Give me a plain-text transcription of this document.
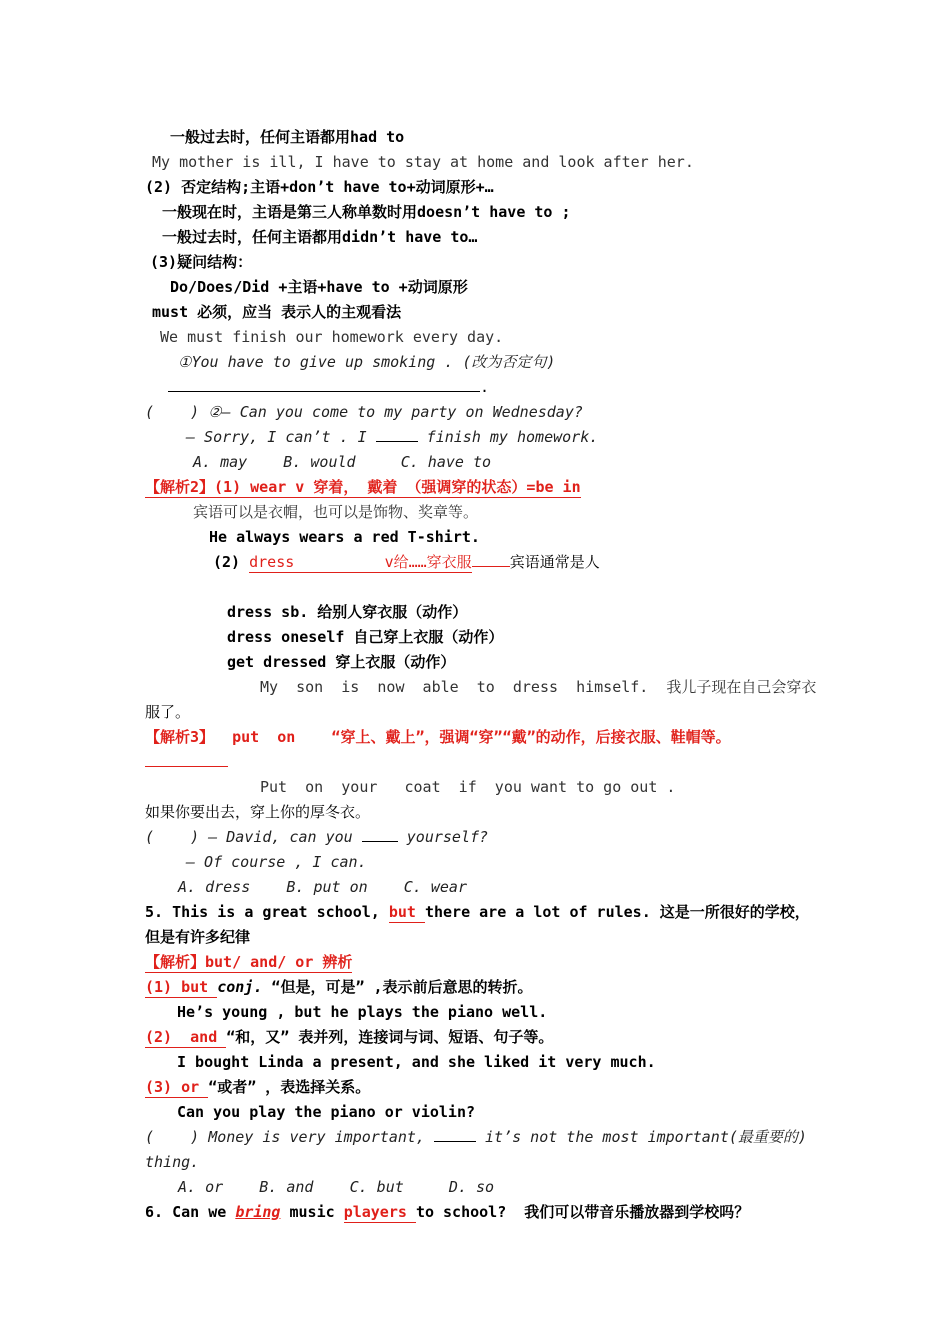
一般过去时，任何主语都用had to
My mother is ill, I have to stay at home and look after her.
(2) 否定结构;主语+don’t have to+动词原形+…
一般现在时，主语是第三人称单数时用doesn’t have to ;
一般过去时，任何主语都用didn’t have to…
(3)疑问结构：
Do/Does/Did +主语+have to +动词原形
must 必须，应当 表示人的主观看法
We must finish our homework every day.
①You have to give up smoking . (改为否定句)
.
(    ) ②— Can you come to my party on Wednesday?
— Sorry, I can’t . I	finish my homework.
A. may    B. would     C. have to
【解析2】(1) wear v 穿着， 戴着 （强调穿的状态）=be in
宾语可以是衣帽，也可以是饰物、奖章等。
He always wears a red T-shirt.
(2) dress          v给……穿衣服	宾语通常是人
dress sb. 给别人穿衣服（动作）
dress oneself 自己穿上衣服（动作）
get dressed 穿上衣服（动作）
My  son  is  now  able  to  dress  himself.  我儿子现在自己会穿衣
服了。
【解析3】  put  on    “穿上、戴上”，强调“穿”“戴”的动作，后接衣服、鞋帽等。
Put  on  your   coat  if  you want to go out .
如果你要出去，穿上你的厚冬衣。
(    ) — David, can you  yourself?
— Of course , I can.
A. dress    B. put on    C. wear
5. This is a great school, but there are a lot of rules. 这是一所很好的学校，
但是有许多纪律
【解析】but/ and/ or 辨析
(1) but conj. “但是，可是” ,表示前后意思的转折。
He’s young , but he plays the piano well.
(2)  and “和，又” 表并列，连接词与词、短语、句子等。
I bought Linda a present, and she liked it very much.
(3) or “或者” ，表选择关系。
Can you play the piano or violin?
(    ) Money is very important,	it’s not the most important(最重要的)
thing.
A. or    B. and    C. but     D. so
6. Can we bring music players to school?  我们可以带音乐播放器到学校吗？
